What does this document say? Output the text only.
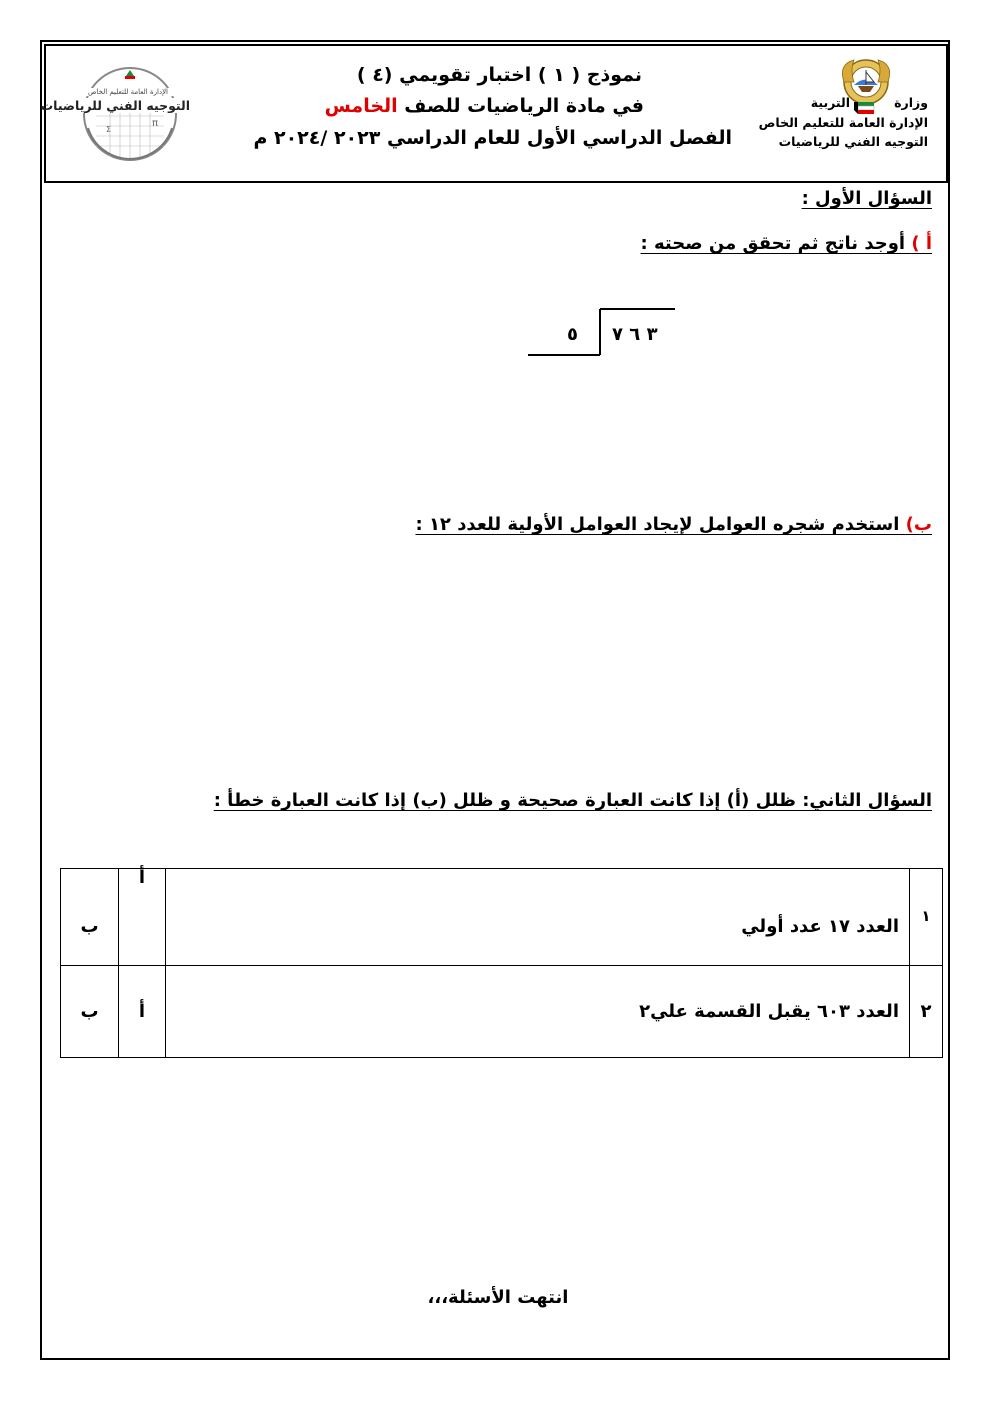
نموذج ( ١ ) اختبار تقويمي (٤ )
في مادة الرياضيات للصف الخامس
الفصل الدراسي الأول للعام الدراسي ٢٠٢٣ /٢٠٢٤ م
وزارة
التربية
الإدارة العامة للتعليم الخاص
التوجيه الفني للرياضيات
π
Σ
الإدارة العامة للتعليم الخاص
التوجيه الفني للرياضيات
السؤال الأول :
أ ) أوجد ناتج ثم تحقق من صحته :
٣ ٦ ٧
٥
ب) استخدم شجره العوامل لإيجاد العوامل الأولية للعدد ١٢ :
السؤال الثاني: ظلل (أ) إذا كانت العبارة صحيحة و ظلل (ب) إذا كانت العبارة خطأ :
١	العدد ١٧ عدد أولي	أ	ب
٢	العدد ٦٠٣ يقبل القسمة علي٢	أ	ب
انتهت الأسئلة،،،
